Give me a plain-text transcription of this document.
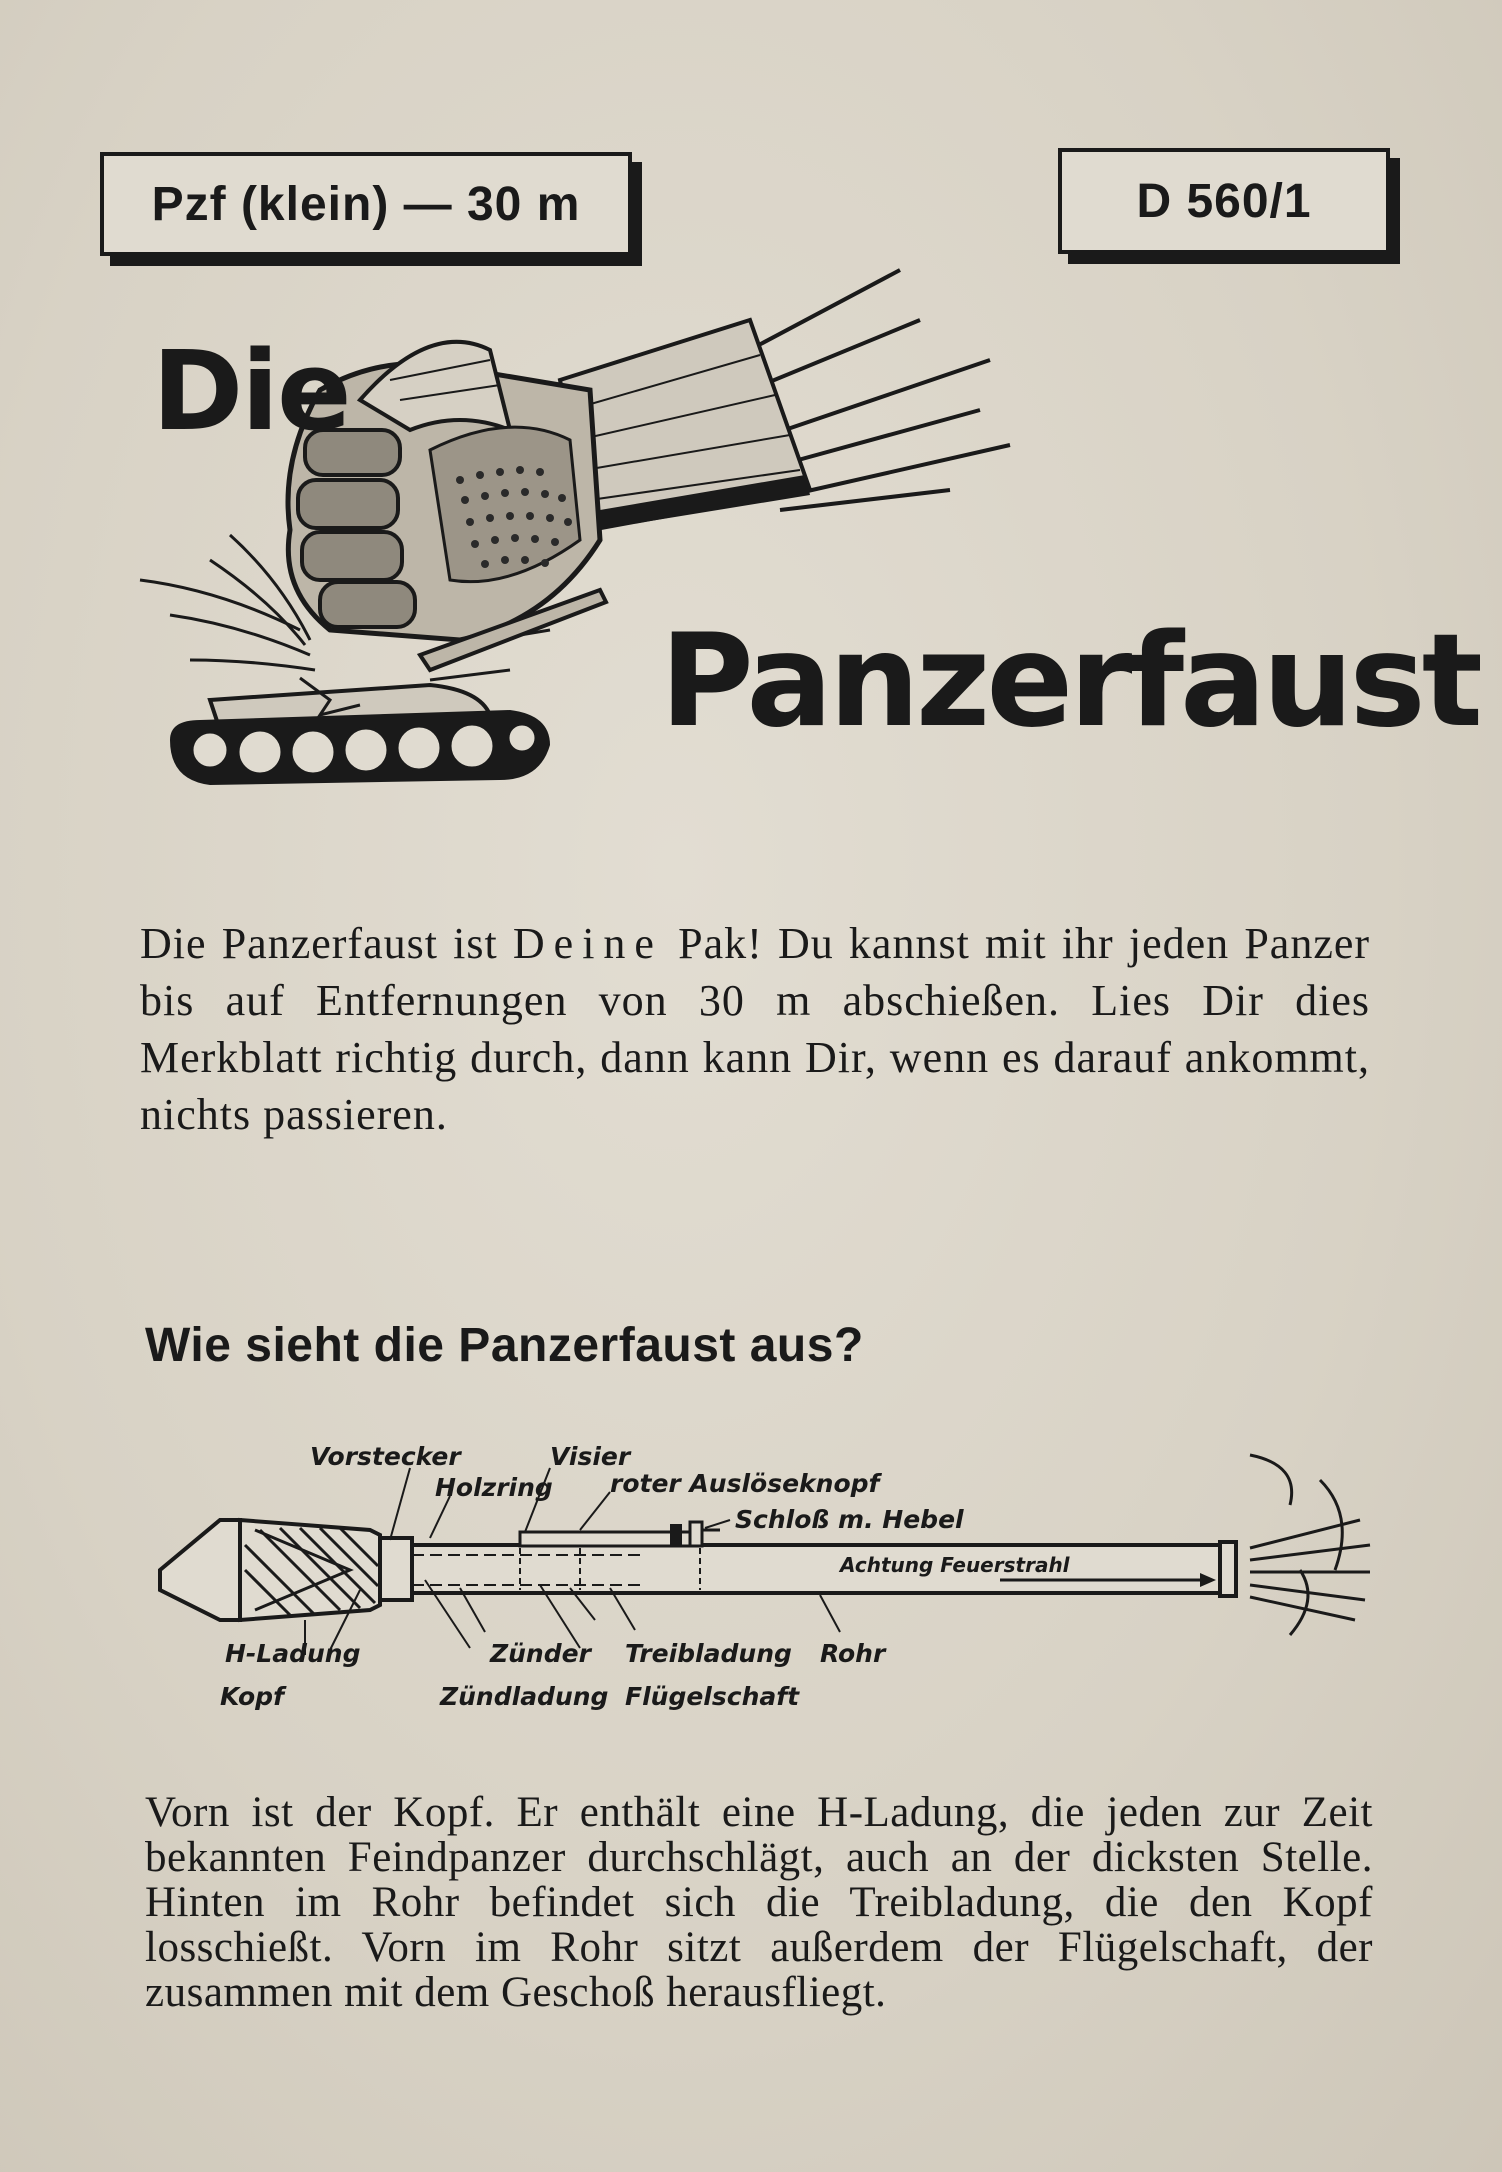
Pzf (klein) — 30 m	D 560/1
Die
Panzerfaust
Die Panzerfaust ist Deine Pak! Du kannst mit ihr jeden Panzer bis auf Entfernungen von 30 m abschießen. Lies Dir dies Merkblatt richtig durch, dann kann Dir, wenn es darauf ankommt, nichts passieren.
Wie sieht die Panzerfaust aus?
Vorstecker	Visier
Holzring roter Auslöseknopf
Schloß m. Hebel
Achtung Feuerstrahl
H-Ladung	Zünder Treibladung Rohr
Kopf	Zündladung Flügelschaft
Vorn ist der Kopf. Er enthält eine H-Ladung, die jeden zur Zeit bekannten Feindpanzer durchschlägt, auch an der dicksten Stelle. Hinten im Rohr befindet sich die Treibladung, die den Kopf losschießt. Vorn im Rohr sitzt außerdem der Flügelschaft, der zusammen mit dem Geschoß herausfliegt.
